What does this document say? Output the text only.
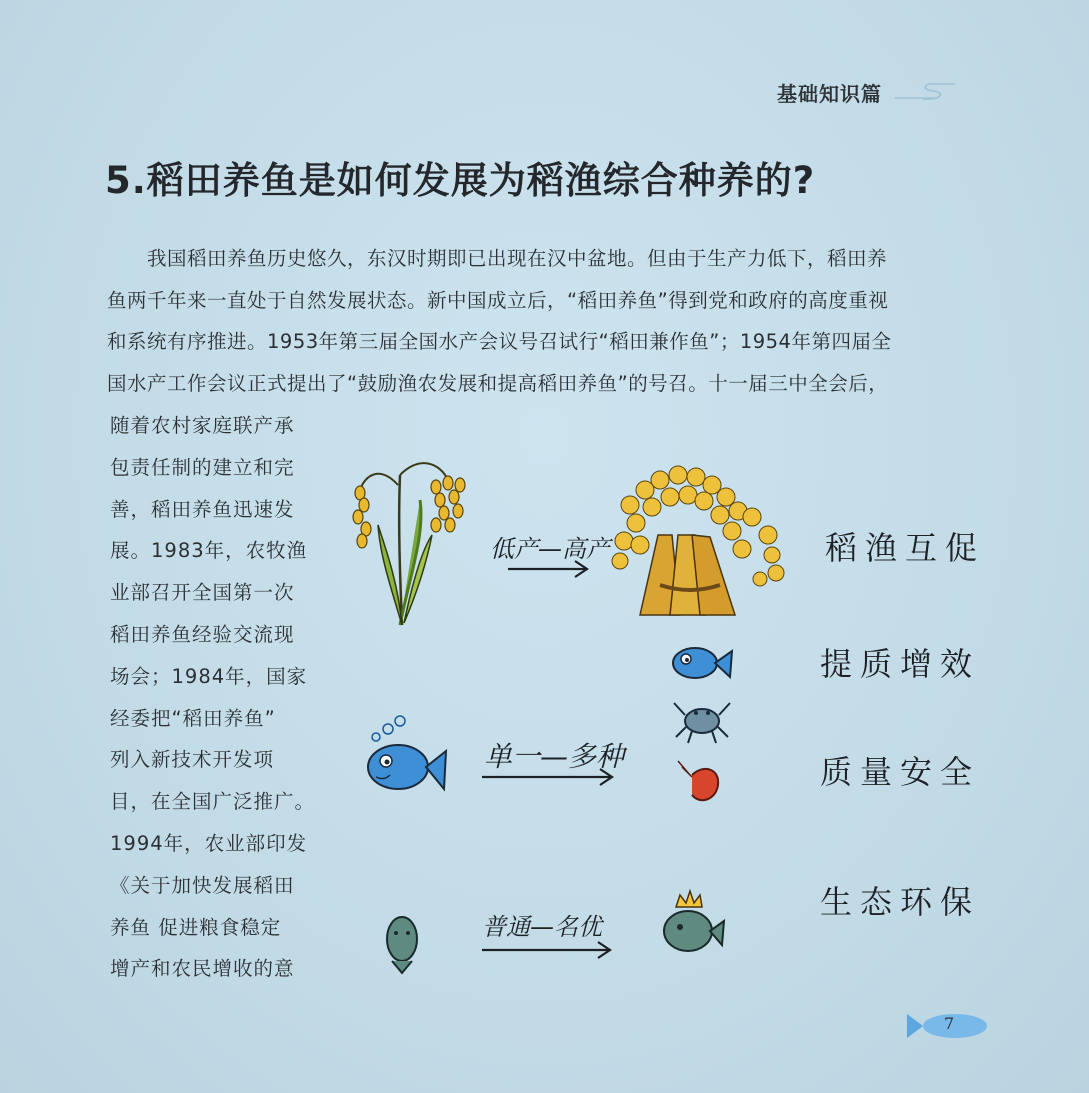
基础知识篇
5.稻田养鱼是如何发展为稻渔综合种养的?
我国稻田养鱼历史悠久，东汉时期即已出现在汉中盆地。但由于生产力低下，稻田养
鱼两千年来一直处于自然发展状态。新中国成立后，“稻田养鱼”得到党和政府的高度重视
和系统有序推进。1953年第三届全国水产会议号召试行“稻田兼作鱼”；1954年第四届全
国水产工作会议正式提出了“鼓励渔农发展和提高稻田养鱼”的号召。十一届三中全会后，
随着农村家庭联产承
包责任制的建立和完
善，稻田养鱼迅速发
展。1983年，农牧渔
业部召开全国第一次
稻田养鱼经验交流现
场会；1984年，国家
经委把“稻田养鱼”
列入新技术开发项
目，在全国广泛推广。
1994年，农业部印发
《关于加快发展稻田
养鱼 促进粮食稳定
增产和农民增收的意
低产—高产
单一—多种
普通—名优
稻渔互促
提质增效
质量安全
生态环保
7
